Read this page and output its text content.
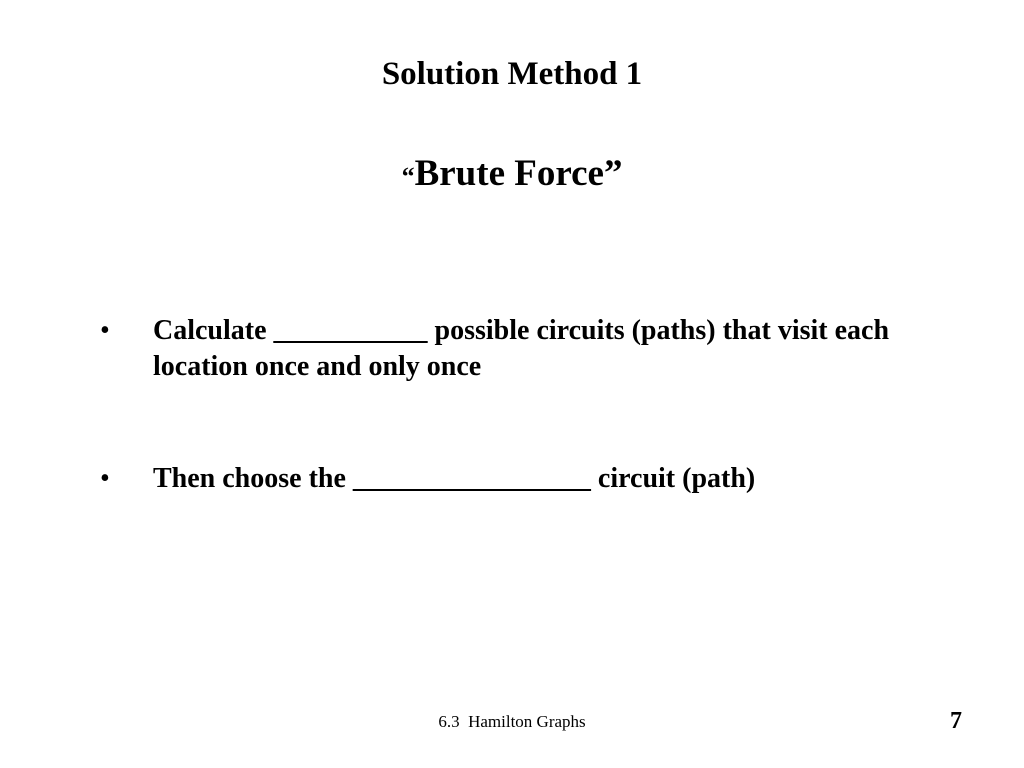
Solution Method 1
“Brute Force”
• Calculate ___________ possible circuits (paths) that visit each location once and only once
• Then choose the _________________ circuit (path)
6.3  Hamilton Graphs	7
